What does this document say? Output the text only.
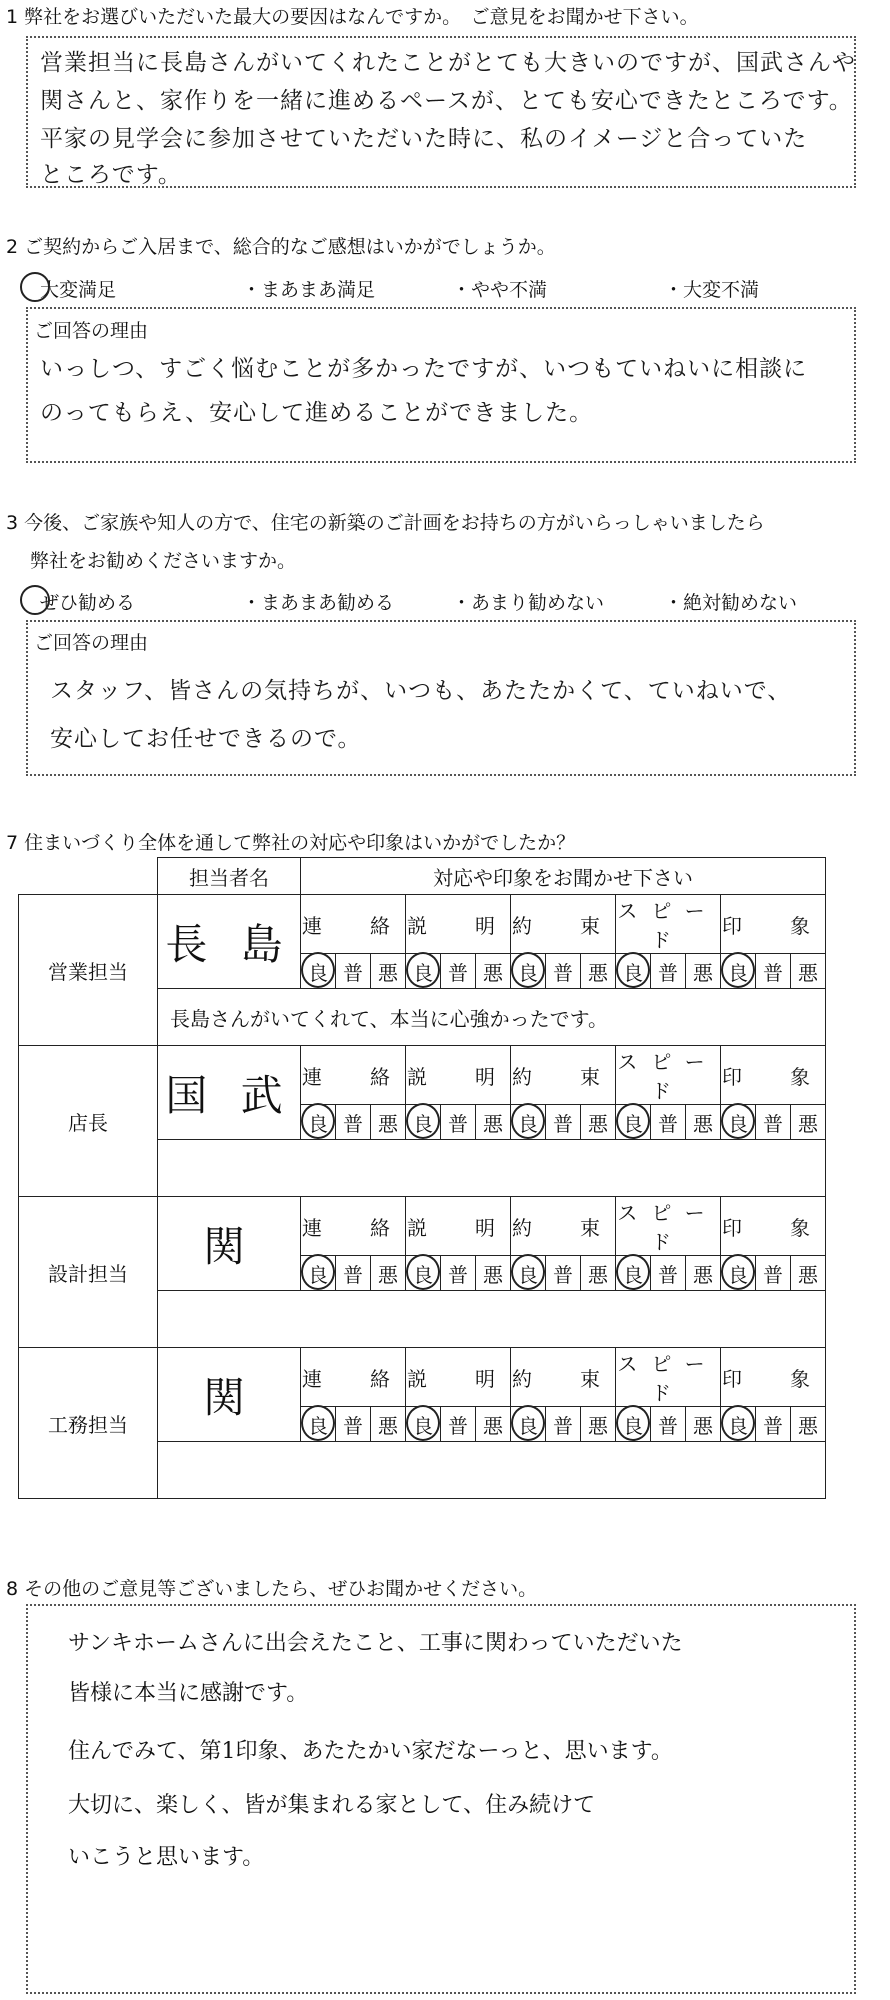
1 弊社をお選びいただいた最大の要因はなんですか。　ご意見をお聞かせ下さい。
営業担当に長島さんがいてくれたことがとても大きいのですが、国武さんや
関さんと、家作りを一緒に進めるペースが、とても安心できたところです。
平家の見学会に参加させていただいた時に、私のイメージと合っていた
ところです。
2 ご契約からご入居まで、総合的なご感想はいかがでしょうか。
大変満足	・まあまあ満足	・やや不満	・大変不満
ご回答の理由
いっしつ、すごく悩むことが多かったですが、いつもていねいに相談に
のってもらえ、安心して進めることができました。
3 今後、ご家族や知人の方で、住宅の新築のご計画をお持ちの方がいらっしゃいましたら
弊社をお勧めくださいますか。
ぜひ勧める	・まあまあ勧める	・あまり勧めない	・絶対勧めない
ご回答の理由
スタッフ、皆さんの気持ちが、いつも、あたたかくて、ていねいで、
安心してお任せできるので。
7 住まいづくり全体を通して弊社の対応や印象はいかがでしたか？
	担当者名	対応や印象をお聞かせ下さい														
営業担当	長 島	連　絡			説　明			約　束			スピード			印　象		
		良	普	悪	良	普	悪	良	普	悪	良	普	悪	良	普	悪
	長島さんがいてくれて、本当に心強かったです。															
店長	国 武	連　絡			説　明			約　束			スピード			印　象		
		良	普	悪	良	普	悪	良	普	悪	良	普	悪	良	普	悪

設計担当	関	連　絡			説　明			約　束			スピード			印　象		
		良	普	悪	良	普	悪	良	普	悪	良	普	悪	良	普	悪

工務担当	関	連　絡			説　明			約　束			スピード			印　象		
		良	普	悪	良	普	悪	良	普	悪	良	普	悪	良	普	悪

8 その他のご意見等ございましたら、ぜひお聞かせください。
サンキホームさんに出会えたこと、工事に関わっていただいた
皆様に本当に感謝です。
住んでみて、第1印象、あたたかい家だなーっと、思います。
大切に、楽しく、皆が集まれる家として、住み続けて
いこうと思います。
